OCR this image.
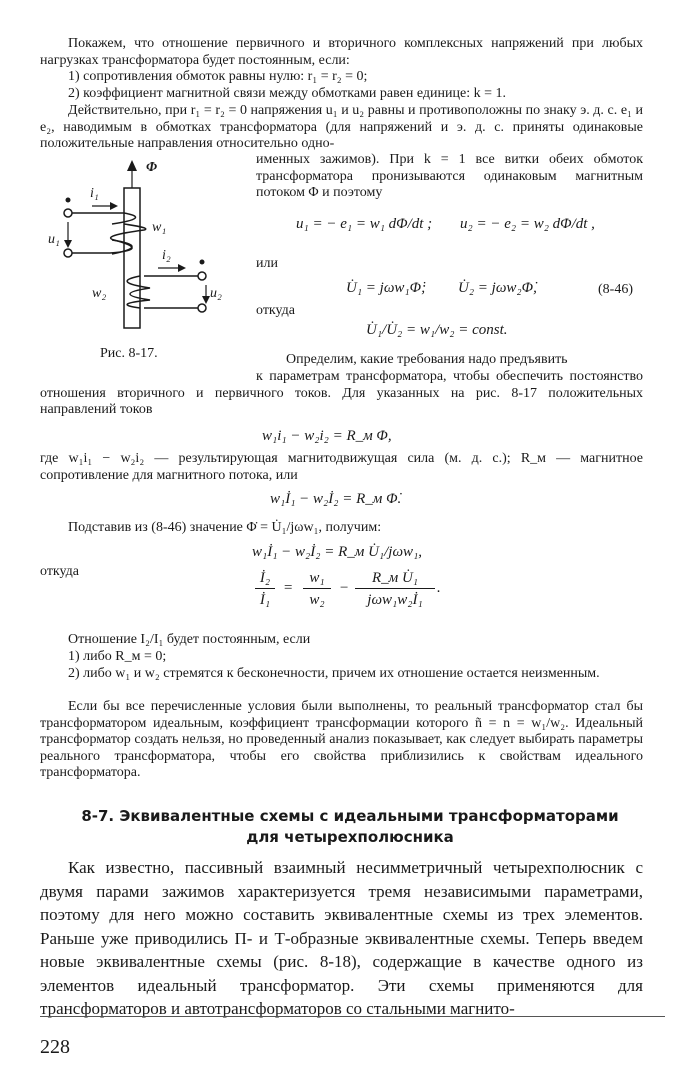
Покажем, что отношение первичного и вторичного комплексных напряжений при любых нагрузках трансформатора будет постоянным, если:

1) сопротивления обмоток равны нулю: r₁ = r₂ = 0;

2) коэффициент магнитной связи между обмотками равен единице: k = 1.

Действительно, при r₁ = r₂ = 0 напряжения u₁ и u₂ равны и противоположны по знаку э. д. с. e₁ и e₂, наводимым в обмотках трансформатора (для напряжений и э. д. с. приняты одинаковые положительные направления относительно одно-

именных зажимов). При k = 1 все витки обеих обмоток трансформатора пронизываются одинаковым магнитным потоком Φ и поэтому

Φ
i₁
u₁
w₁
i₂
w₂	u₂
Рис. 8-17.
u₁ = − e₁ = w₁ dΦ/dt ; u₂ = − e₂ = w₂ dΦ/dt ,
или
U̇₁ = jωw₁Φ̇; U̇₂ = jωw₂Φ̇,	(8-46)
откуда
U̇₁/U̇₂ = w₁/w₂ = const.

Определим, какие требования надо предъявить

к параметрам трансформатора, чтобы обеспечить постоянство отношения вторичного и первичного токов. Для указанных на рис. 8-17 положительных направлений токов

w₁i₁ − w₂i₂ = R_м Φ,

где w₁i₁ − w₂i₂ — результирующая магнитодвижущая сила (м. д. с.); R_м — магнитное сопротивление для магнитного потока, или

w₁İ₁ − w₂İ₂ = R_м Φ̇.

Подставив из (8-46) значение Φ̇ = U̇₁/jωw₁, получим:

w₁İ₁ − w₂İ₂ = R_м U̇₁/jωw₁,
откуда	İ₂
İ₁
=
w₁
w₂
−
R_м U̇₁
jωw₁w₂İ₁
.

Отношение I₂/I₁ будет постоянным, если

1) либо R_м = 0;

2) либо w₁ и w₂ стремятся к бесконечности, причем их отношение остается неизменным.

Если бы все перечисленные условия были выполнены, то реальный трансформатор стал бы трансформатором идеальным, коэффициент трансформации которого ñ = n = w₁/w₂. Идеальный трансформатор создать нельзя, но проведенный анализ показывает, как следует выбирать параметры реального трансформатора, чтобы его свойства приблизились к свойствам идеального трансформатора.

8-7. Эквивалентные схемы с идеальными трансформаторами
для четырехполюсника

Как известно, пассивный взаимный несимметричный четырехполюсник с двумя парами зажимов характеризуется тремя независимыми параметрами, поэтому для него можно составить эквивалентные схемы из трех элементов. Раньше уже приводились П- и Т-образные эквивалентные схемы. Теперь введем новые эквивалентные схемы (рис. 8-18), содержащие в качестве одного из элементов идеальный трансформатор. Эти схемы применяются для трансформаторов и автотрансформаторов со стальными магнито-

228
